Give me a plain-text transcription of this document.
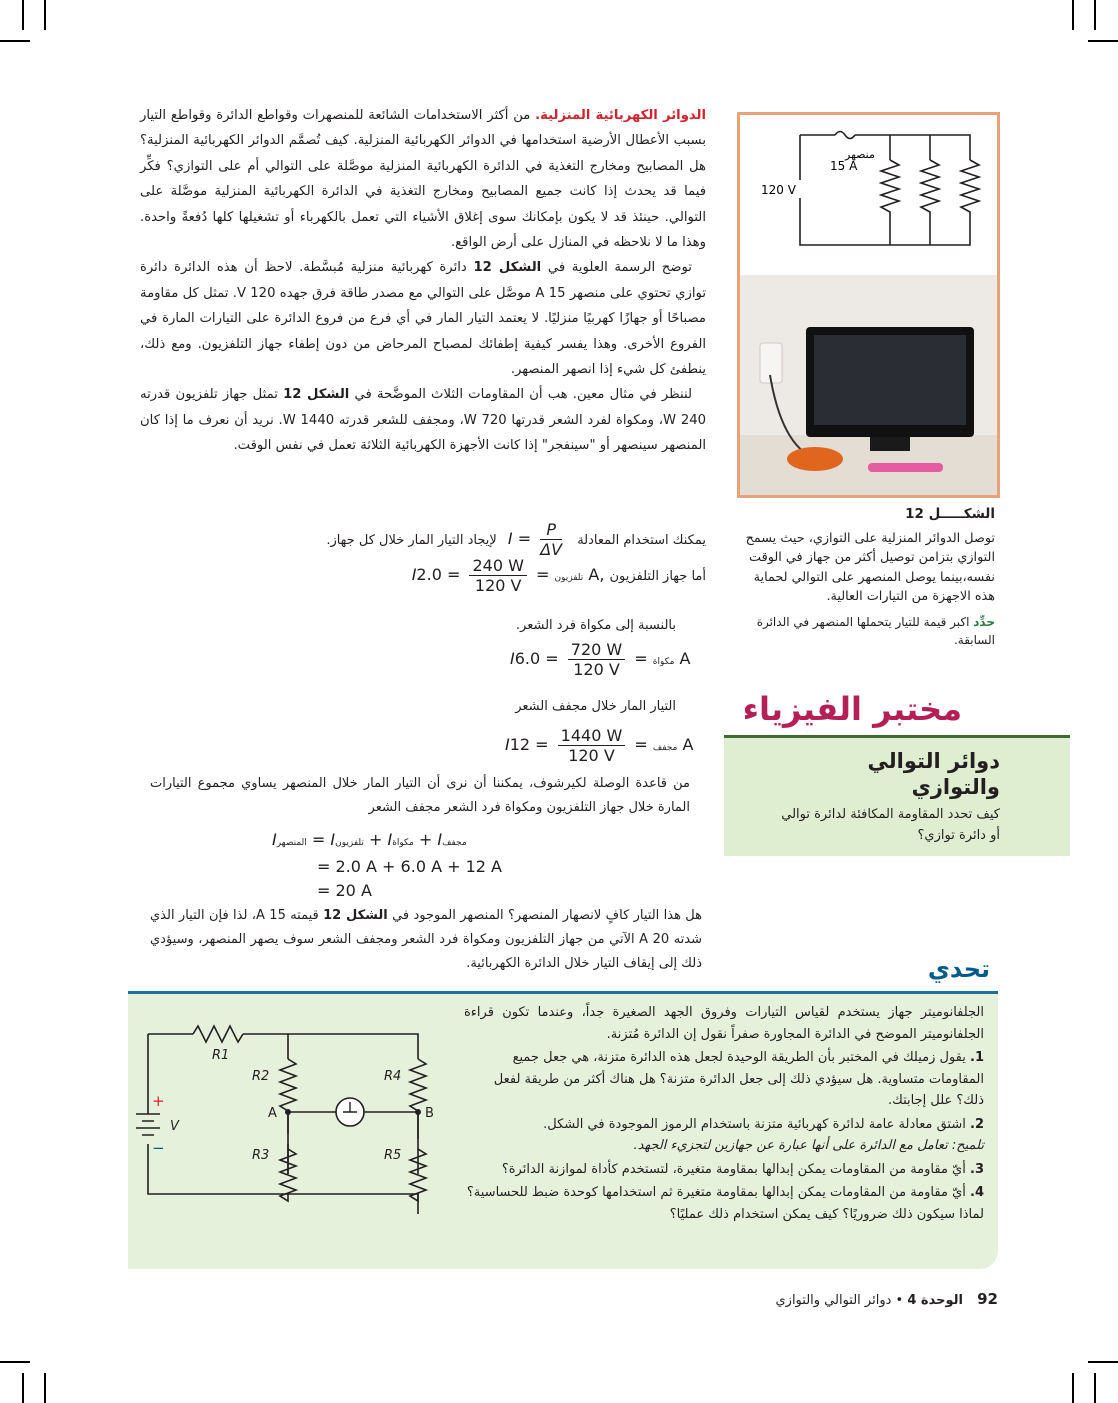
الدوائر الكهربائية المنزلية. من أكثر الاستخدامات الشائعة للمنصهرات وقواطع الدائرة وقواطع التيار بسبب الأعطال الأرضية استخدامها في الدوائر الكهربائية المنزلية. كيف تُصمَّم الدوائر الكهربائية المنزلية؟ هل المصابيح ومخارج التغذية في الدائرة الكهربائية المنزلية موصَّلة على التوالي أم على التوازي؟ فكِّر فيما قد يحدث إذا كانت جميع المصابيح ومخارج التغذية في الدائرة الكهربائية المنزلية موصَّلة على التوالي. حينئذ قد لا يكون بإمكانك سوى إغلاق الأشياء التي تعمل بالكهرباء أو تشغيلها كلها دُفعةً واحدة. وهذا ما لا نلاحظه في المنازل على أرض الواقع.

توضح الرسمة العلوية في الشكل 12 دائرة كهربائية منزلية مُبسَّطة. لاحظ أن هذه الدائرة دائرة توازي تحتوي على منصهر 15 A موصَّل على التوالي مع مصدر طاقة فرق جهده 120 V. تمثل كل مقاومة مصباحًا أو جهازًا كهربيًا منزليًا. لا يعتمد التيار المار في أي فرع من فروع الدائرة على التيارات المارة في الفروع الأخرى. وهذا يفسر كيفية إطفائك لمصباح المرحاض من دون إطفاء جهاز التلفزيون. ومع ذلك، ينطفئ كل شيء إذا انصهر المنصهر.

لننظر في مثال معين. هب أن المقاومات الثلاث الموضَّحة في الشكل 12 تمثل جهاز تلفزيون قدرته 240 W، ومكواة لفرد الشعر قدرتها 720 W، ومجفف للشعر قدرته 1440 W. نريد أن نعرف ما إذا كان المنصهر سينصهر أو "سينفجر" إذا كانت الأجهزة الكهربائية الثلاثة تعمل في نفس الوقت.

منصهر
15 A
120 V
الشكـــــل 12
توصل الدوائر المنزلية على التوازي، حيث يسمح التوازي بتزامن توصيل أكثر من جهاز في الوقت نفسه،بينما يوصل المنصهر على التوالي لحماية هذه الاجهزة من التيارات العالية.
حدِّد اكبر قيمة للتيار يتحملها المنصهر في الدائرة السابقة.
مختبر الفيزياء
دوائر التوالي
والتوازي
كيف تحدد المقاومة المكافئة لدائرة توالي أو دائرة توازي؟
يمكنك استخدام المعادلة $I = \frac{P}{\Delta V}$
لإيجاد التيار المار خلال كل جهاز.
أما جهاز التلفزيون I	تلفزيون =
$\frac{240 W}{120 V}$
= 2.0 A,
بالنسبة إلى مكواة فرد الشعر.
I	مكواة =
$\frac{720 W}{120 V}$
= 6.0 A
التيار المار خلال مجفف الشعر
I	مجفف =
$\frac{1440 W}{120 V}$
= 12 A
من قاعدة الوصلة لكيرشوف، يمكننا أن نرى أن التيار المار خلال المنصهر يساوي مجموع التيارات المارة خلال جهاز التلفزيون ومكواة فرد الشعر مجفف الشعر
Iالمنصهر = Iتلفزيون + Iمكواة + Iمجفف
= 2.0 A + 6.0 A + 12 A
= 20 A
هل هذا التيار كافٍ لانصهار المنصهر؟ المنصهر الموجود في الشكل 12 قيمته 15 A، لذا فإن التيار الذي شدته 20 A الآتي من جهاز التلفزيون ومكواة فرد الشعر ومجفف الشعر سوف يصهر المنصهر، وسيؤدي ذلك إلى إيقاف التيار خلال الدائرة الكهربائية.	تحدي
R1
R2	R4
R3	R5
V
A	B
+
−
الجلفانوميتر جهاز يستخدم لقياس التيارات وفروق الجهد الصغيرة جداً، وعندما تكون قراءة الجلفانوميتر الموضح في الدائرة المجاورة صفراً نقول إن الدائرة مُتزنة.
1. يقول زميلك في المختبر بأن الطريقة الوحيدة لجعل هذه الدائرة متزنة، هي جعل جميع المقاومات متساوية. هل سيؤدي ذلك إلى جعل الدائرة متزنة؟ هل هناك أكثر من طريقة لفعل ذلك؟ علل إجابتك.
2. اشتق معادلة عامة لدائرة كهربائية متزنة باستخدام الرموز الموجودة في الشكل.
تلميح: تعامل مع الدائرة على أنها عبارة عن جهازين لتجزيء الجهد.
3. أيّ مقاومة من المقاومات يمكن إبدالها بمقاومة متغيرة، لتستخدم كأداة لموازنة الدائرة؟
4. أيّ مقاومة من المقاومات يمكن إبدالها بمقاومة متغيرة ثم استخدامها كوحدة ضبط للحساسية؟ لماذا سيكون ذلك ضروريًا؟ كيف يمكن استخدام ذلك عمليًا؟
92 الوحدة 4 • دوائر التوالي والتوازي
